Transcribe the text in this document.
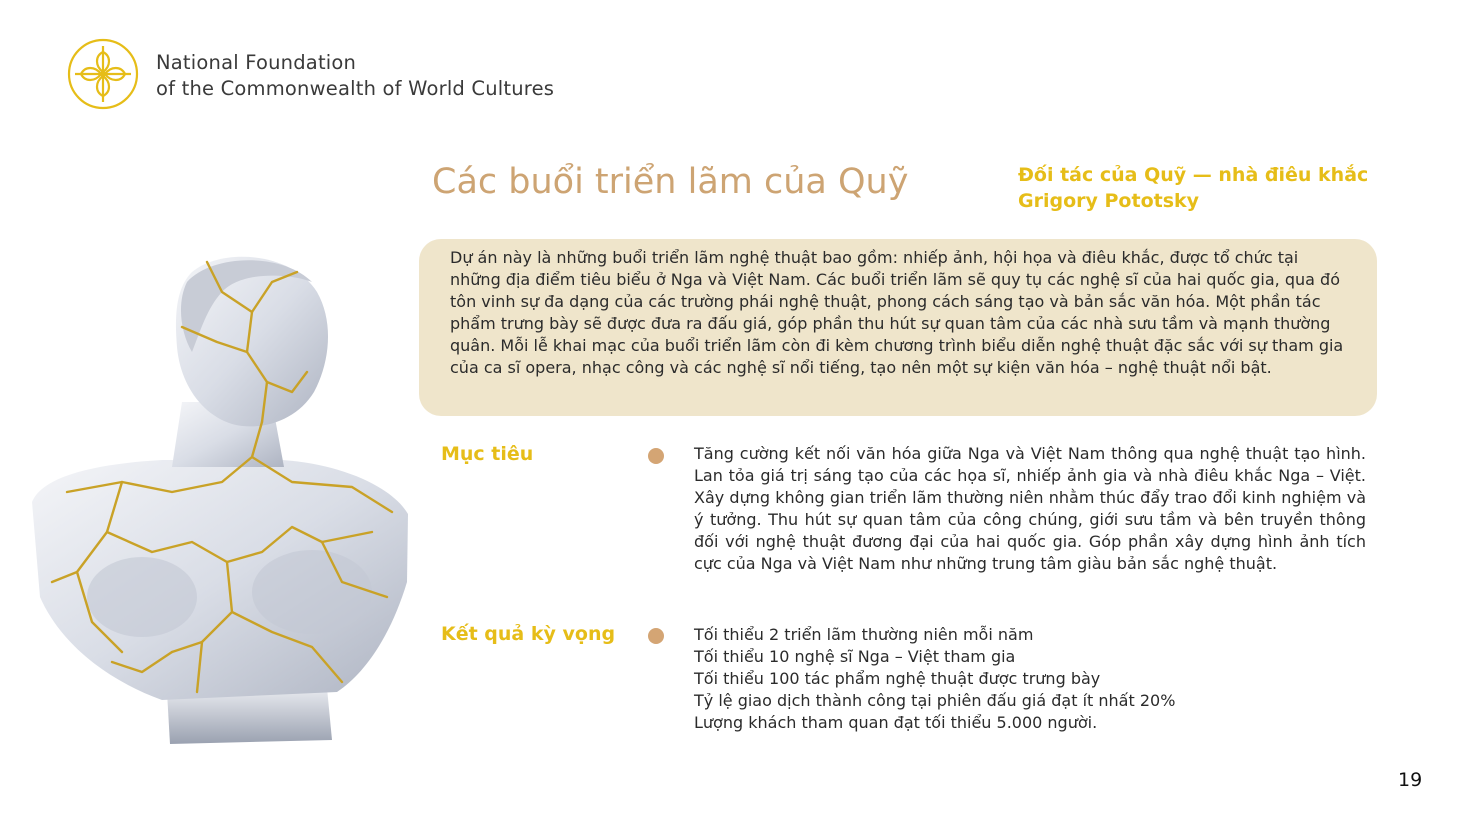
National Foundation
of the Commonwealth of World Cultures
Các buổi triển lãm của Quỹ	Đối tác của Quỹ — nhà điêu khắc
Grigory Pototsky

Dự án này là những buổi triển lãm nghệ thuật bao gồm: nhiếp ảnh, hội họa và điêu khắc, được tổ chức tại những địa điểm tiêu biểu ở Nga và Việt Nam. Các buổi triển lãm sẽ quy tụ các nghệ sĩ của hai quốc gia, qua đó tôn vinh sự đa dạng của các trường phái nghệ thuật, phong cách sáng tạo và bản sắc văn hóa. Một phần tác phẩm trưng bày sẽ được đưa ra đấu giá, góp phần thu hút sự quan tâm của các nhà sưu tầm và mạnh thường quân. Mỗi lễ khai mạc của buổi triển lãm còn đi kèm chương trình biểu diễn nghệ thuật đặc sắc với sự tham gia của ca sĩ opera, nhạc công và các nghệ sĩ nổi tiếng, tạo nên một sự kiện văn hóa – nghệ thuật nổi bật.

Mục tiêu	Tăng cường kết nối văn hóa giữa Nga và Việt Nam thông qua nghệ thuật tạo hình. Lan tỏa giá trị sáng tạo của các họa sĩ, nhiếp ảnh gia và nhà điêu khắc Nga – Việt. Xây dựng không gian triển lãm thường niên nhằm thúc đẩy trao đổi kinh nghiệm và ý tưởng. Thu hút sự quan tâm của công chúng, giới sưu tầm và bên truyền thông đối với nghệ thuật đương đại của hai quốc gia. Góp phần xây dựng hình ảnh tích cực của Nga và Việt Nam như những trung tâm giàu bản sắc nghệ thuật.

Kết quả kỳ vọng	Tối thiểu 2 triển lãm thường niên mỗi năm
Tối thiểu 10 nghệ sĩ Nga – Việt tham gia
Tối thiểu 100 tác phẩm nghệ thuật được trưng bày
Tỷ lệ giao dịch thành công tại phiên đấu giá đạt ít nhất 20%
Lượng khách tham quan đạt tối thiểu 5.000 người.
19
